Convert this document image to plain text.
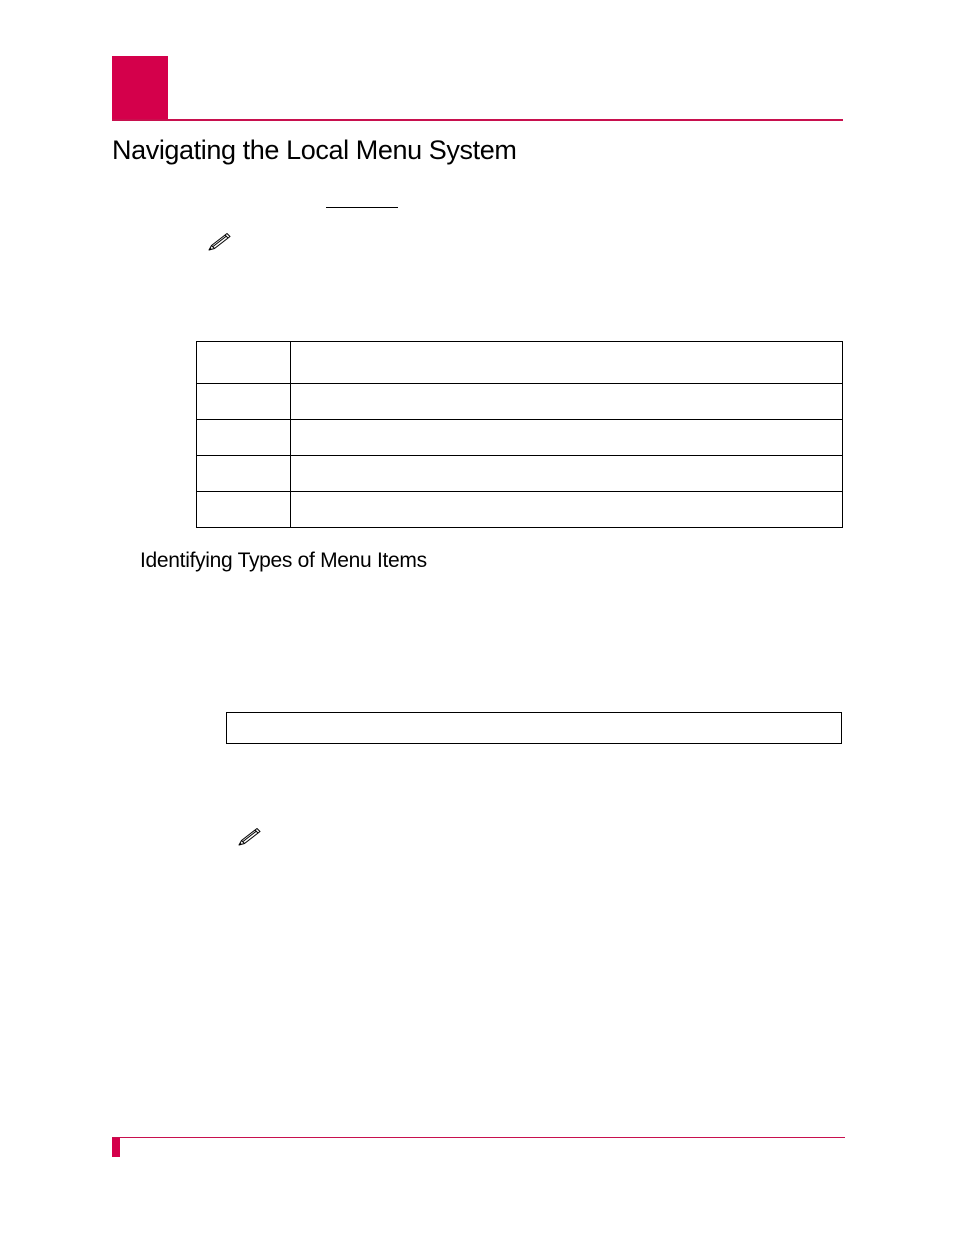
Navigating the Local Menu System

Identifying Types of Menu Items
